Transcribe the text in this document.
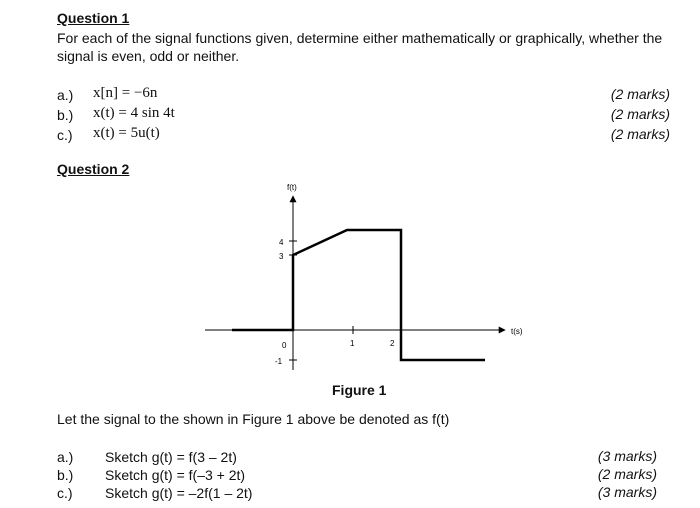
Question 1
For each of the signal functions given, determine either mathematically or graphically, whether the
signal is even, odd or neither.
a.) x[n] = −6n	(2 marks)
b.) x(t) = 4 sin 4t	(2 marks)
c.) x(t) = 5u(t)	(2 marks)
Question 2
f(t)
t(s)
4
3
-1
0	1	2
Figure 1
Let the signal to the shown in Figure 1 above be denoted as f(t)
a.) Sketch g(t) = f(3 – 2t)	(3 marks)
b.) Sketch g(t) = f(–3 + 2t)	(2 marks)
c.) Sketch g(t) = –2f(1 – 2t)	(3 marks)
